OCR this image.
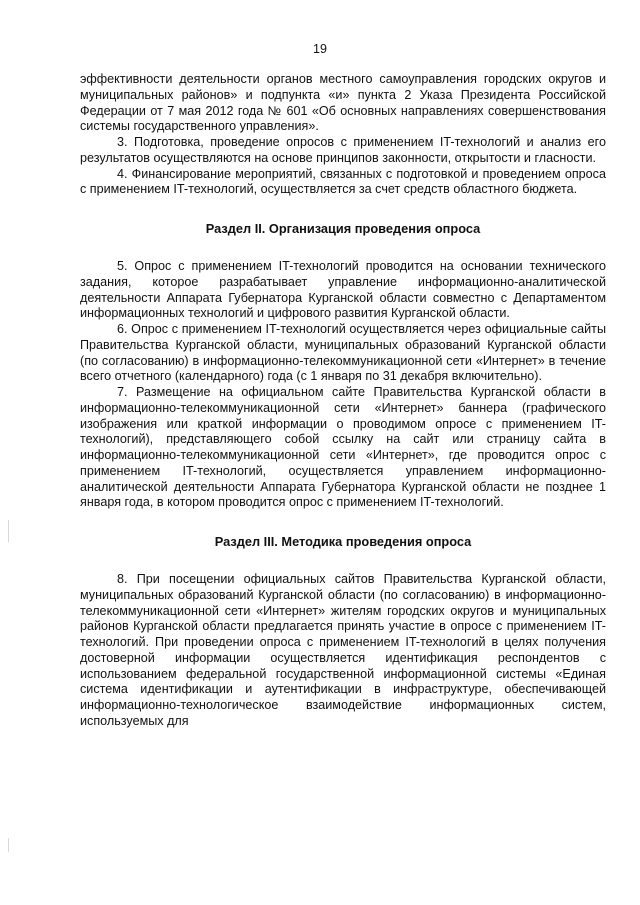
19

эффективности деятельности органов местного самоуправления городских округов и муниципальных районов» и подпункта «и» пункта 2 Указа Президента Российской Федерации от 7 мая 2012 года № 601 «Об основных направлениях совершенствования системы государственного управления».

3. Подготовка, проведение опросов с применением IT-технологий и анализ его результатов осуществляются на основе принципов законности, открытости и гласности.

4. Финансирование мероприятий, связанных с подготовкой и проведением опроса с применением IT-технологий, осуществляется за счет средств областного бюджета.

Раздел II. Организация проведения опроса

5. Опрос с применением IT-технологий проводится на основании технического задания, которое разрабатывает управление информационно-аналитической деятельности Аппарата Губернатора Курганской области совместно с Департаментом информационных технологий и цифрового развития Курганской области.

6. Опрос с применением IT-технологий осуществляется через официальные сайты Правительства Курганской области, муниципальных образований Курганской области (по согласованию) в информационно-телекоммуникационной сети «Интернет» в течение всего отчетного (календарного) года (с 1 января по 31 декабря включительно).

7. Размещение на официальном сайте Правительства Курганской области в информационно-телекоммуникационной сети «Интернет» баннера (графического изображения или краткой информации о проводимом опросе с применением IT-технологий), представляющего собой ссылку на сайт или страницу сайта в информационно-телекоммуникационной сети «Интернет», где проводится опрос с применением IT-технологий, осуществляется управлением информационно-аналитической деятельности Аппарата Губернатора Курганской области не позднее 1 января года, в котором проводится опрос с применением IT-технологий.

Раздел III. Методика проведения опроса

8. При посещении официальных сайтов Правительства Курганской области, муниципальных образований Курганской области (по согласованию) в информационно-телекоммуникационной сети «Интернет» жителям городских округов и муниципальных районов Курганской области предлагается принять участие в опросе с применением IT-технологий. При проведении опроса с применением IT-технологий в целях получения достоверной информации осуществляется идентификация респондентов с использованием федеральной государственной информационной системы «Единая система идентификации и аутентификации в инфраструктуре, обеспечивающей информационно-технологическое взаимодействие информационных систем, используемых для
